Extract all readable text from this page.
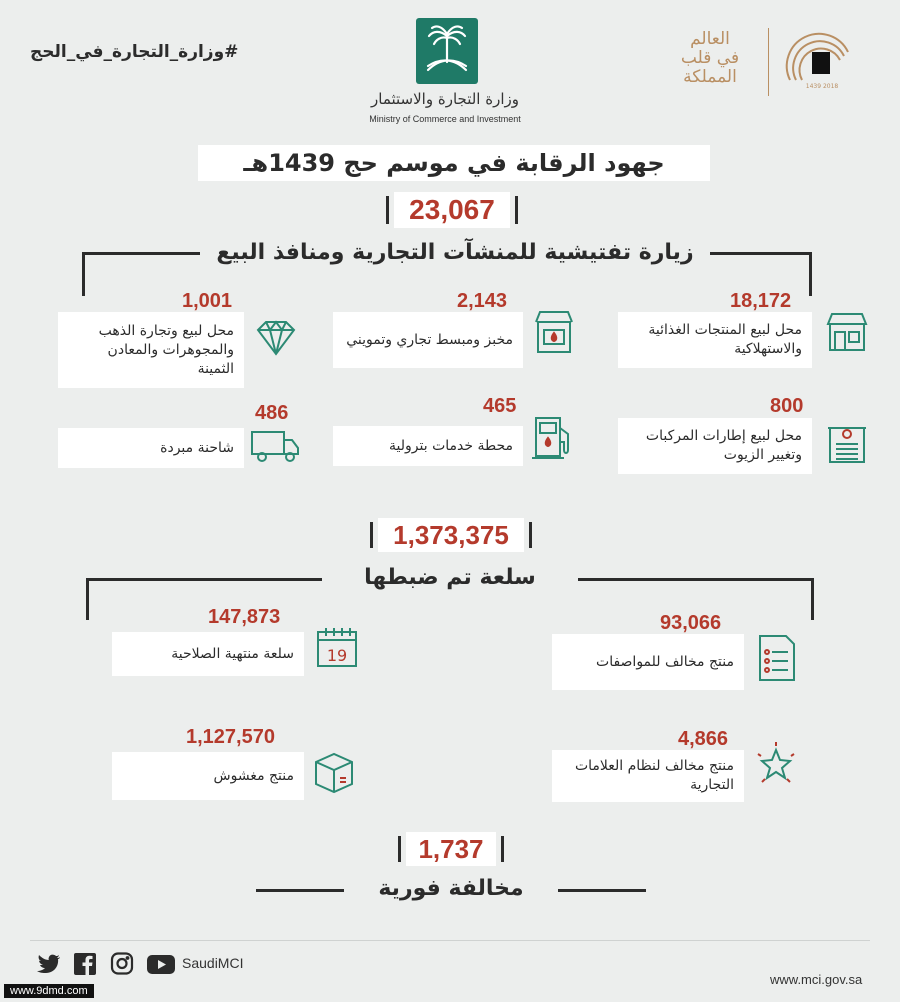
#وزارة_التجارة_في_الحج
وزارة التجارة والاستثمار
Ministry of Commerce and Investment
العالم
في قلب
المملكة	1439 2018
جهود الرقابة في موسم حج 1439هـ
23,067
زيارة تفتيشية للمنشآت التجارية ومنافذ البيع
18,172
محل لبيع المنتجات الغذائية والاستهلاكية
2,143
مخبز ومبسط تجاري وتمويني
1,001
محل لبيع وتجارة الذهب والمجوهرات والمعادن الثمينة
800
محل لبيع إطارات المركبات وتغيير الزيوت
465
محطة خدمات بترولية
486
شاحنة مبردة
1,373,375
سلعة تم ضبطها
93,066
منتج مخالف للمواصفات
147,873
سلعة منتهية الصلاحية 19
4,866
منتج مخالف لنظام العلامات التجارية
1,127,570
منتج مغشوش
1,737
مخالفة فورية
SaudiMCI
www.mci.gov.sa
www.9dmd.com
